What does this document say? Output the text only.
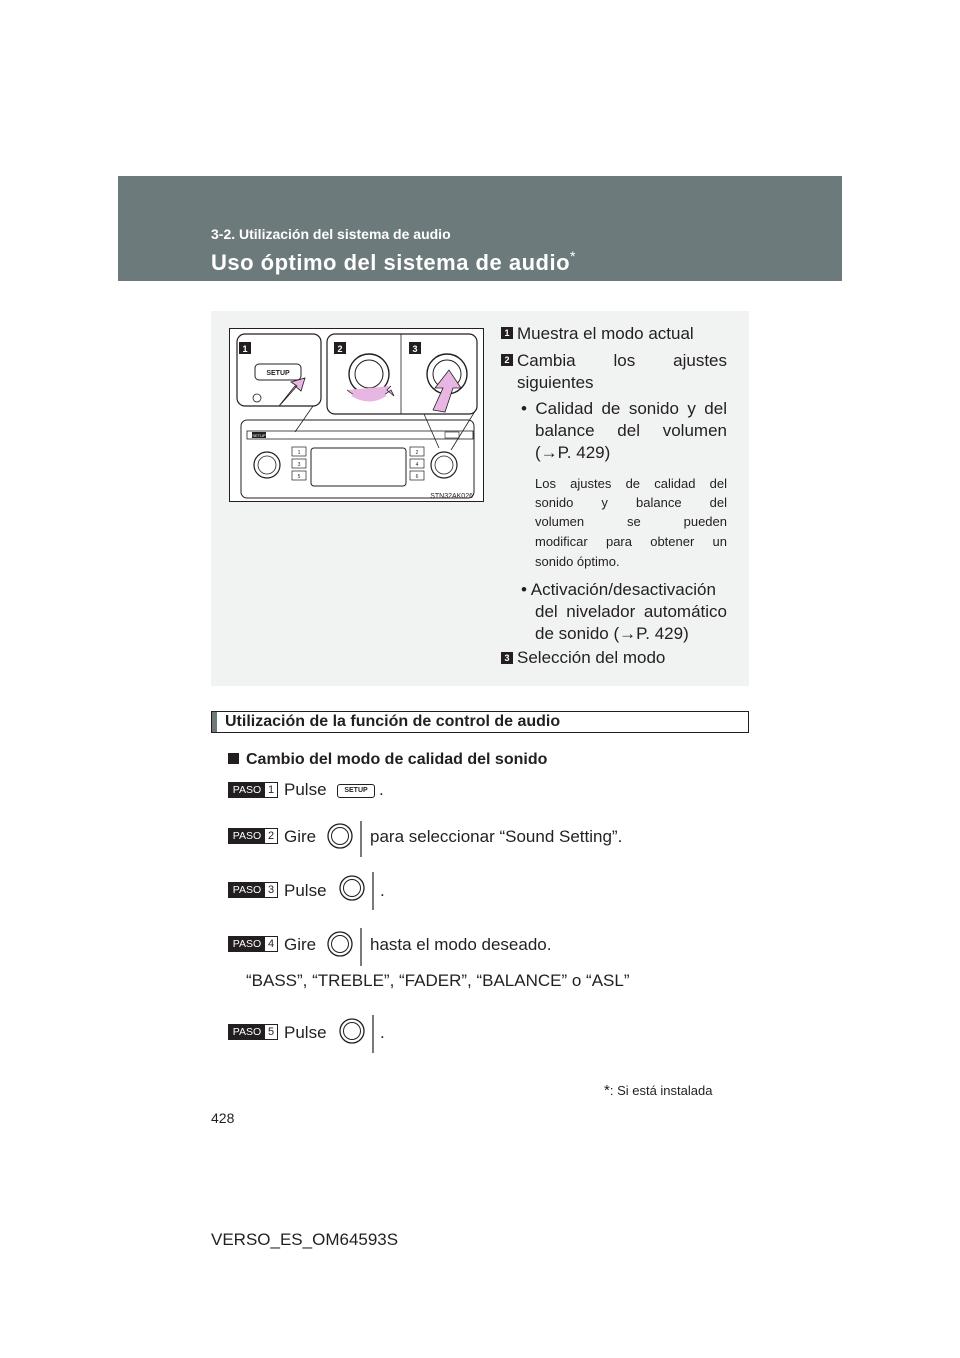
3-2. Utilización del sistema de audio
Uso óptimo del sistema de audio*
SETUP
1	2
3	4
5	6
STN32AK026
SETUP
1	2	3
1 Muestra el modo actual
2 Cambia los ajustes
siguientes
• Calidad de sonido y del
balance del volumen
(→P. 429)
Los ajustes de calidad del
sonido y balance del
volumen se pueden
modificar para obtener un
sonido óptimo.
• Activación/desactivación
del nivelador automático
de sonido (→P. 429)
3 Selección del modo
Utilización de la función de control de audio
Cambio del modo de calidad del sonido
PASO 1 Pulse	SETUP .
PASO 2 Gire	para seleccionar “Sound Setting”.
PASO 3 Pulse	.
PASO 4 Gire	hasta el modo deseado.
“BASS”, “TREBLE”, “FADER”, “BALANCE” o “ASL”
PASO 5 Pulse	.
*: Si está instalada
428
VERSO_ES_OM64593S
